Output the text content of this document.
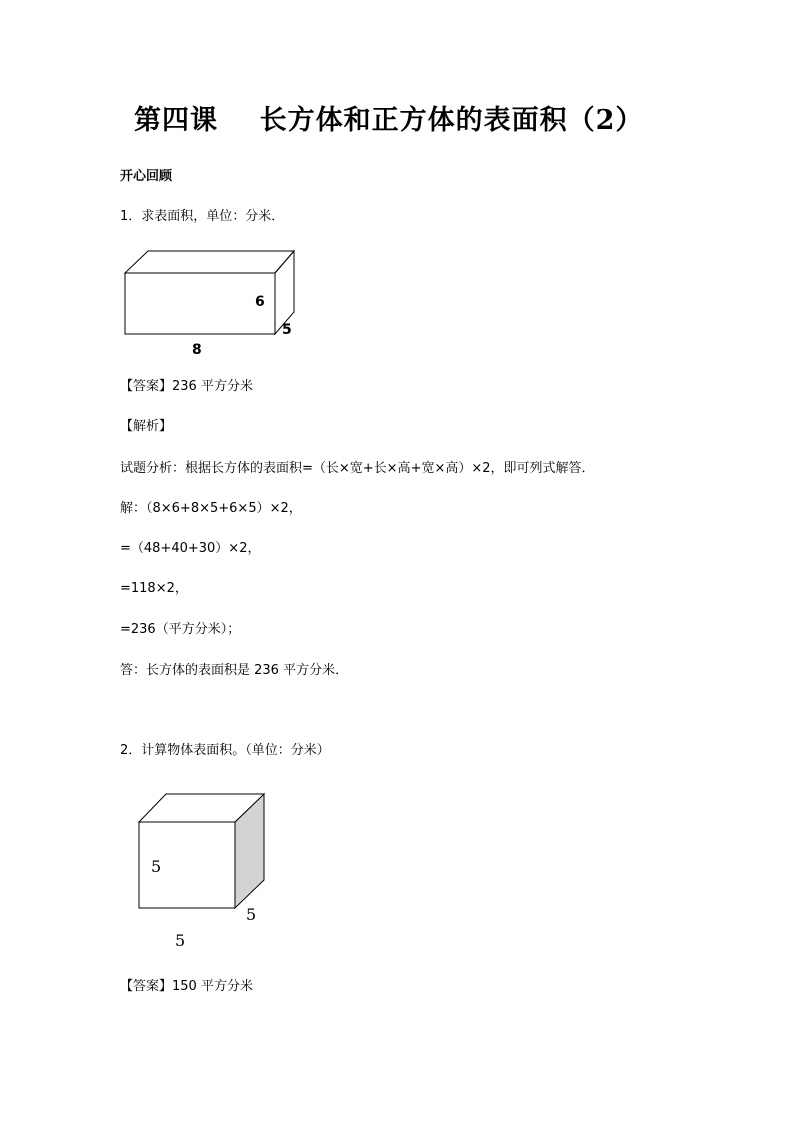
第四课    长方体和正方体的表面积（2）
开心回顾
1．求表面积，单位：分米．
6
5
8
【答案】236 平方分米
【解析】
试题分析：根据长方体的表面积=（长×宽+长×高+宽×高）×2，即可列式解答．
解：（8×6+8×5+6×5）×2，
=（48+40+30）×2，
=118×2，
=236（平方分米）；
答：长方体的表面积是 236 平方分米．
2．计算物体表面积。（单位：分米）
5
5
5
【答案】150 平方分米
